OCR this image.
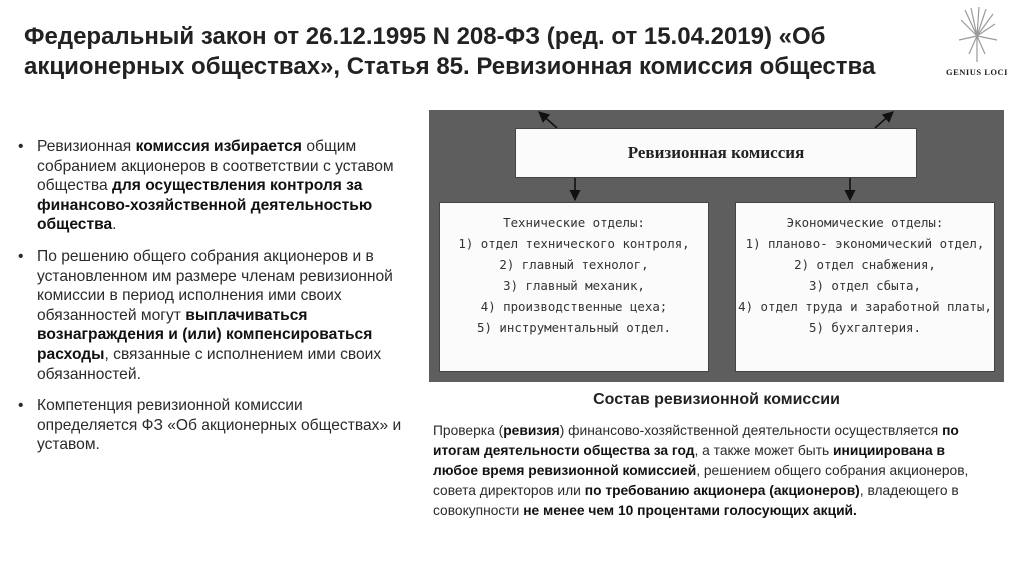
Федеральный закон от 26.12.1995 N 208-ФЗ (ред. от 15.04.2019) «Об акционерных обществах», Статья 85. Ревизионная комиссия общества	GENIUS LOCI
• Ревизионная комиссия избирается общим собранием акционеров в соответствии с уставом общества для осуществления контроля за финансово-хозяйственной деятельностью общества.
• По решению общего собрания акционеров и в установленном им размере членам ревизионной комиссии в период исполнения ими своих обязанностей могут выплачиваться вознаграждения и (или) компенсироваться расходы, связанные с исполнением ими своих обязанностей.
• Компетенция ревизионной комиссии определяется ФЗ «Об акционерных обществах» и уставом.
Ревизионная комиссия
Технические отделы:
1) отдел технического контроля,
2) главный технолог,
3) главный механик,
4) производственные цеха;
5) инструментальный отдел.
Экономические отделы:
1) планово- экономический отдел,
2) отдел снабжения,
3) отдел сбыта,
4) отдел труда и заработной платы,
5) бухгалтерия.
Состав ревизионной комиссии
Проверка (ревизия) финансово-хозяйственной деятельности осуществляется по итогам деятельности общества за год, а также может быть инициирована в любое время ревизионной комиссией, решением общего собрания акционеров, совета директоров или по требованию акционера (акционеров), владеющего в совокупности не менее чем 10 процентами голосующих акций.
